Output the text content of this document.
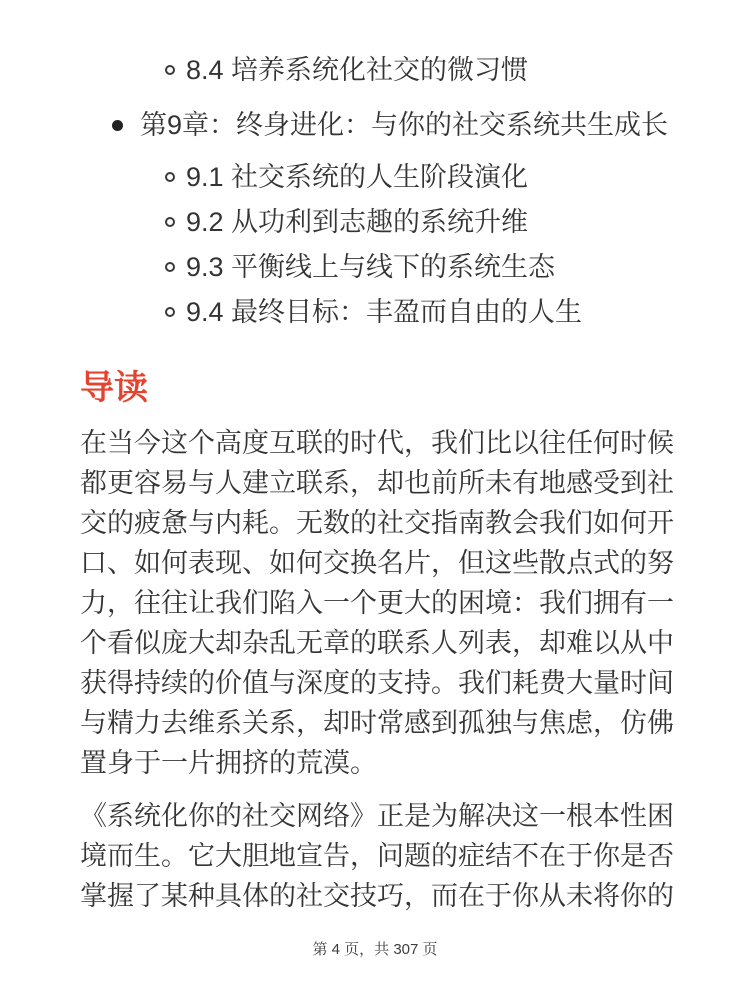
8.4 培养系统化社交的微习惯
第9章：终身进化：与你的社交系统共生成长
9.1 社交系统的人生阶段演化
9.2 从功利到志趣的系统升维
9.3 平衡线上与线下的系统生态
9.4 最终目标：丰盈而自由的人生
导读

在当今这个高度互联的时代，我们比以往任何时候都更容易与人建立联系，却也前所未有地感受到社交的疲惫与内耗。无数的社交指南教会我们如何开口、如何表现、如何交换名片，但这些散点式的努力，往往让我们陷入一个更大的困境：我们拥有一个看似庞大却杂乱无章的联系人列表，却难以从中获得持续的价值与深度的支持。我们耗费大量时间与精力去维系关系，却时常感到孤独与焦虑，仿佛置身于一片拥挤的荒漠。

《系统化你的社交网络》正是为解决这一根本性困境而生。它大胆地宣告，问题的症结不在于你是否掌握了某种具体的社交技巧，而在于你从未将你的

第 4 页，共 307 页
